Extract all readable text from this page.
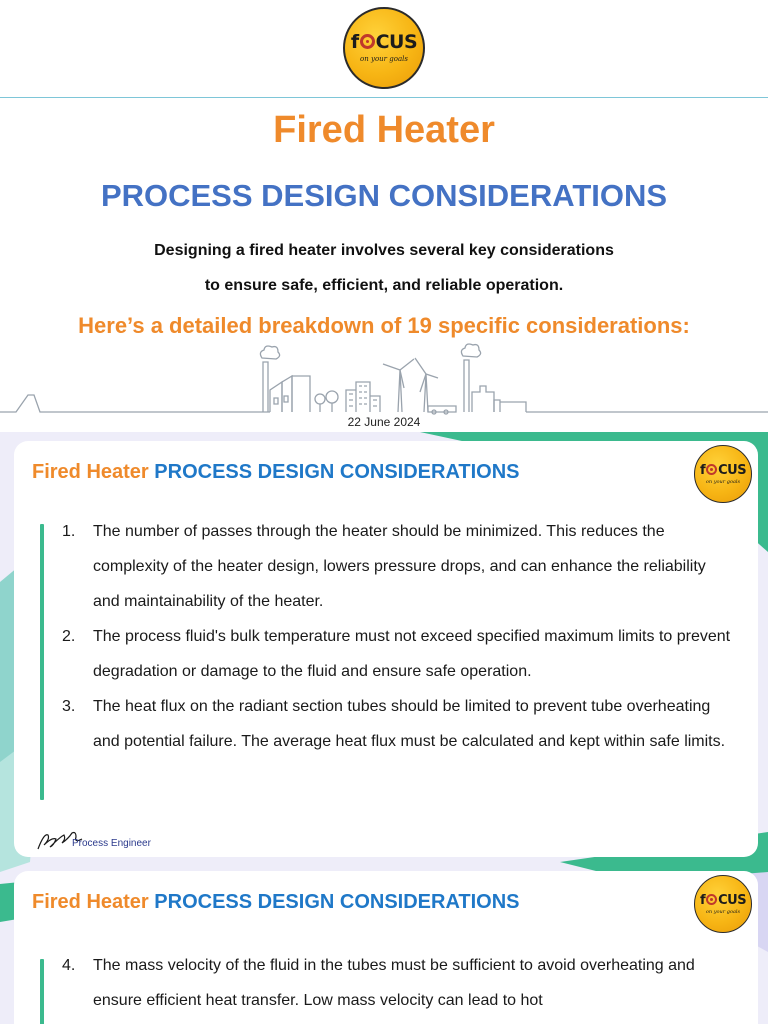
f CUS
on your goals
Fired Heater
PROCESS DESIGN CONSIDERATIONS
Designing a fired heater involves several key considerations
to ensure safe, efficient, and reliable operation.
Here’s a detailed breakdown of 19 specific considerations:
22 June 2024
Fired Heater PROCESS DESIGN CONSIDERATIONS	f CUS
on your goals
1.	The number of passes through the heater should be minimized. This reduces the complexity of the heater design, lowers pressure drops, and can enhance the reliability and maintainability of the heater.
2.	The process fluid's bulk temperature must not exceed specified maximum limits to prevent degradation or damage to the fluid and ensure safe operation.
3.	The heat flux on the radiant section tubes should be limited to prevent tube overheating and potential failure. The average heat flux must be calculated and kept within safe limits.
Process Engineer
Fired Heater PROCESS DESIGN CONSIDERATIONS	f CUS
on your goals
4.	The mass velocity of the fluid in the tubes must be sufficient to avoid overheating and ensure efficient heat transfer. Low mass velocity can lead to hot
